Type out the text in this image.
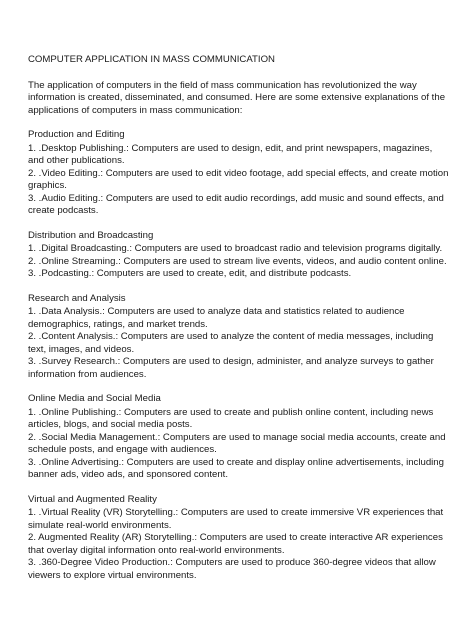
COMPUTER APPLICATION IN MASS COMMUNICATION

The application of computers in the field of mass communication has revolutionized the way information is created, disseminated, and consumed. Here are some extensive explanations of the applications of computers in mass communication:

Production and Editing

1. .Desktop Publishing.: Computers are used to design, edit, and print newspapers, magazines, and other publications.

2. .Video Editing.: Computers are used to edit video footage, add special effects, and create motion graphics.

3. .Audio Editing.: Computers are used to edit audio recordings, add music and sound effects, and create podcasts.

Distribution and Broadcasting

1. .Digital Broadcasting.: Computers are used to broadcast radio and television programs digitally.

2. .Online Streaming.: Computers are used to stream live events, videos, and audio content online.

3. .Podcasting.: Computers are used to create, edit, and distribute podcasts.

Research and Analysis

1. .Data Analysis.: Computers are used to analyze data and statistics related to audience demographics, ratings, and market trends.

2. .Content Analysis.: Computers are used to analyze the content of media messages, including text, images, and videos.

3. .Survey Research.: Computers are used to design, administer, and analyze surveys to gather information from audiences.

Online Media and Social Media

1. .Online Publishing.: Computers are used to create and publish online content, including news articles, blogs, and social media posts.

2. .Social Media Management.: Computers are used to manage social media accounts, create and schedule posts, and engage with audiences.

3. .Online Advertising.: Computers are used to create and display online advertisements, including banner ads, video ads, and sponsored content.

Virtual and Augmented Reality

1. .Virtual Reality (VR) Storytelling.: Computers are used to create immersive VR experiences that simulate real-world environments.

2. Augmented Reality (AR) Storytelling.: Computers are used to create interactive AR experiences that overlay digital information onto real-world environments.

3. .360-Degree Video Production.: Computers are used to produce 360-degree videos that allow viewers to explore virtual environments.
